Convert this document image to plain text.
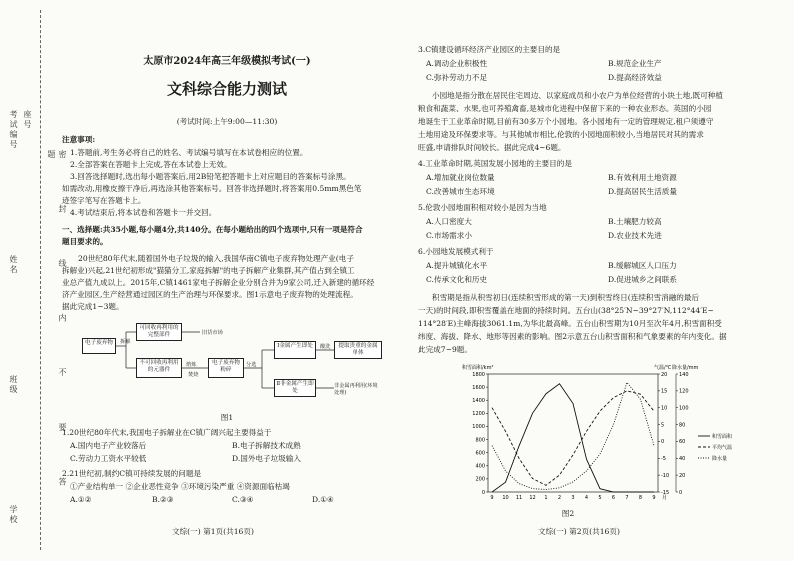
考试编号
姓名
班级
学校
座号
密 封 线 内 不 要 答 题

太原市2024年高三年级模拟考试(一)

文科综合能力测试

(考试时间:上午9:00—11:30)

注意事项:

1.答题前,考生务必将自己的姓名、考试编号填写在本试卷相应的位置。

2.全部答案在答题卡上完成,答在本试卷上无效。

3.回答选择题时,选出每小题答案后,用2B铅笔把答题卡上对应题目的答案标号涂黑。

如需改动,用橡皮擦干净后,再选涂其他答案标号。回答非选择题时,将答案用0.5mm黑色笔

迹签字笔写在答题卡上。

4.考试结束后,将本试卷和答题卡一并交回。

一、选择题:共35小题,每小题4分,共140分。在每小题给出的四个选项中,只有一项是符合

题目要求的。

20世纪80年代末,随着国外电子垃圾的输入,我国华南C镇电子废弃物处理产业(电子

拆解业)兴起,21世纪初形成"猫猫分工,家庭拆解"的电子拆解产业集群,其产值占到全镇工

业总产值九成以上。2015年,C镇1461家电子拆解企业分别合并为9家公司,迁入新建的循环经

济产业园区,生产经营通过园区的生产治理与环保要求。图1示意电子废弃物的处理流程。

据此完成1~3题。

电子废弃物	拆解
可回收再利用的完整部件	旧货市场
不可回收再利用的元器件
熔炼
焚烧
电子废弃物粉碎
分选
Ⅰ金属产生即处	酸洗	提取贵重的金属单体
Ⅱ非金属产生即处
非金属再利用(环境处理)

图1

1.20世纪80年代末,我国电子拆解业在C镇广阔兴起主要得益于

A.国内电子产业较落后	B.电子拆解技术成熟
C.劳动力工资水平较低	D.国外电子垃圾输入

2.21世纪初,制约C镇可持续发展的问题是

①产业结构单一 ②企业恶性竞争 ③环境污染严重 ④资源面临枯竭

A.①②	B.②③	C.③④	D.①④
文综(一) 第1页(共16页)

3.C镇建设循环经济产业园区的主要目的是

A.调动企业积极性	B.规范企业生产
C.弥补劳动力不足	D.提高经济效益

小园地是指分散在居民住宅周边、以家庭成员和小农户为单位经营的小块土地,既可种植

粮食和蔬菜、水果,也可养殖禽畜,是城市化进程中保留下来的一种农业形态。英国的小园

地诞生于工业革命时期,目前有30多万个小园地。各小园地有一定的管理规定,租户须遵守

土地用途及环保要求等。与其他城市相比,伦敦的小园地面积较小,当地居民对其的需求

旺盛,申请排队时间较长。据此完成4~6题。

4.工业革命时期,英国发展小园地的主要目的是

A.增加就业岗位数量	B.有效利用土地资源
C.改善城市生态环境	D.提高居民生活质量

5.伦敦小园地面积相对较小是因为当地

A.人口密度大	B.土壤肥力较高
C.市场需求小	D.农业技术先进

6.小园地发展模式利于

A.提升城镇化水平	B.缓解城区人口压力
C.传承文化和历史	D.促进城乡之间联系

积雪期是指从积雪初日(连续积雪形成的第一天)到积雪终日(连续积雪消融的最后

一天)的时间段,即积雪覆盖在地面的持续时间。五台山(38°25′N~39°27′N,112°44′E~

114°28′E)主峰海拔3061.1m,为华北最高峰。五台山积雪期为10月至次年4月,积雪面积受

纬度、海拔、降水、地形等因素的影响。图2示意五台山积雪面积和气象要素的年内变化。据

此完成7~9题。

0
200
400
600
800
1000
1200
1400
1600
1800
-15
-10
-5
0
5
10
15
20
0
20
40
60
80
100
120
140
9 10 11 12 1 2 3 4 5 6 7 8 9 月
积雪面积/km²	气温/℃ 降水量/mm
积雪面积
平均气温
降水量

图2

文综(一) 第2页(共16页)
